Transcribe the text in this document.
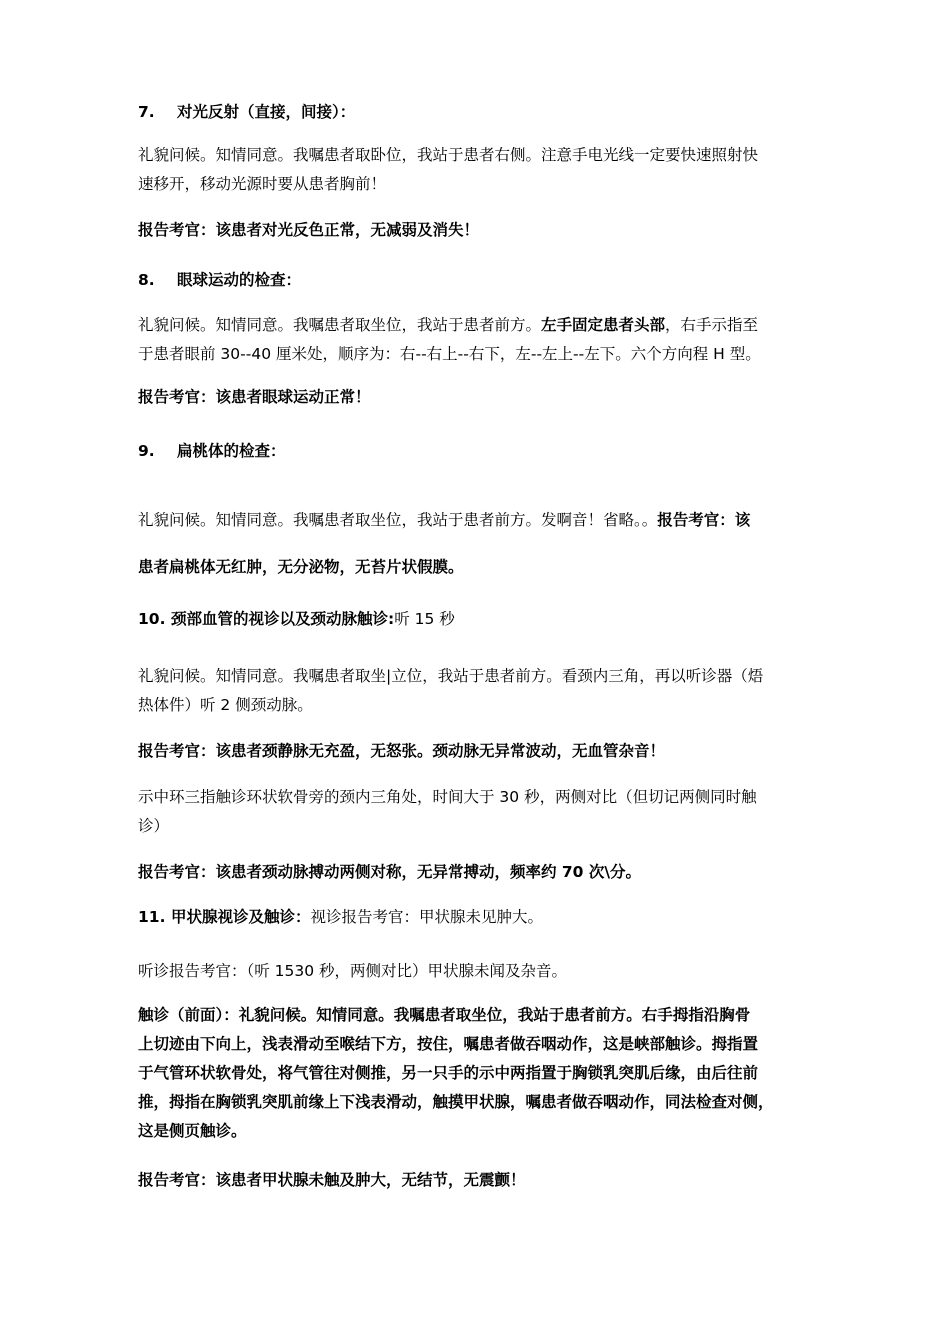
7. 对光反射（直接，间接）：
礼貌问候。知情同意。我嘱患者取卧位，我站于患者右侧。注意手电光线一定要快速照射快
速移开，移动光源时要从患者胸前！
报告考官：该患者对光反色正常，无减弱及消失！
8. 眼球运动的检查：
礼貌问候。知情同意。我嘱患者取坐位，我站于患者前方。左手固定患者头部，右手示指至
于患者眼前 30--40 厘米处，顺序为：右--右上--右下，左--左上--左下。六个方向程 H 型。
报告考官：该患者眼球运动正常！
9. 扁桃体的检查：
礼貌问候。知情同意。我嘱患者取坐位，我站于患者前方。发啊音！省略。。报告考官：该
患者扁桃体无红肿，无分泌物，无苔片状假膜。
10. 颈部血管的视诊以及颈动脉触诊:听 15 秒
礼貌问候。知情同意。我嘱患者取坐|立位，我站于患者前方。看颈内三角，再以听诊器（焐
热体件）听 2 侧颈动脉。
报告考官：该患者颈静脉无充盈，无怒张。颈动脉无异常波动，无血管杂音！
示中环三指触诊环状软骨旁的颈内三角处，时间大于 30 秒，两侧对比（但切记两侧同时触
诊）
报告考官：该患者颈动脉搏动两侧对称，无异常搏动，频率约 70 次\分。
11. 甲状腺视诊及触诊：视诊报告考官：甲状腺未见肿大。
听诊报告考官：（听 1530 秒，两侧对比）甲状腺未闻及杂音。
触诊（前面）：礼貌问候。知情同意。我嘱患者取坐位，我站于患者前方。右手拇指沿胸骨
上切迹由下向上，浅表滑动至喉结下方，按住，嘱患者做吞咽动作，这是峡部触诊。拇指置
于气管环状软骨处，将气管往对侧推，另一只手的示中两指置于胸锁乳突肌后缘，由后往前
推，拇指在胸锁乳突肌前缘上下浅表滑动，触摸甲状腺，嘱患者做吞咽动作，同法检查对侧，
这是侧页触诊。
报告考官：该患者甲状腺未触及肿大，无结节，无震颤！
